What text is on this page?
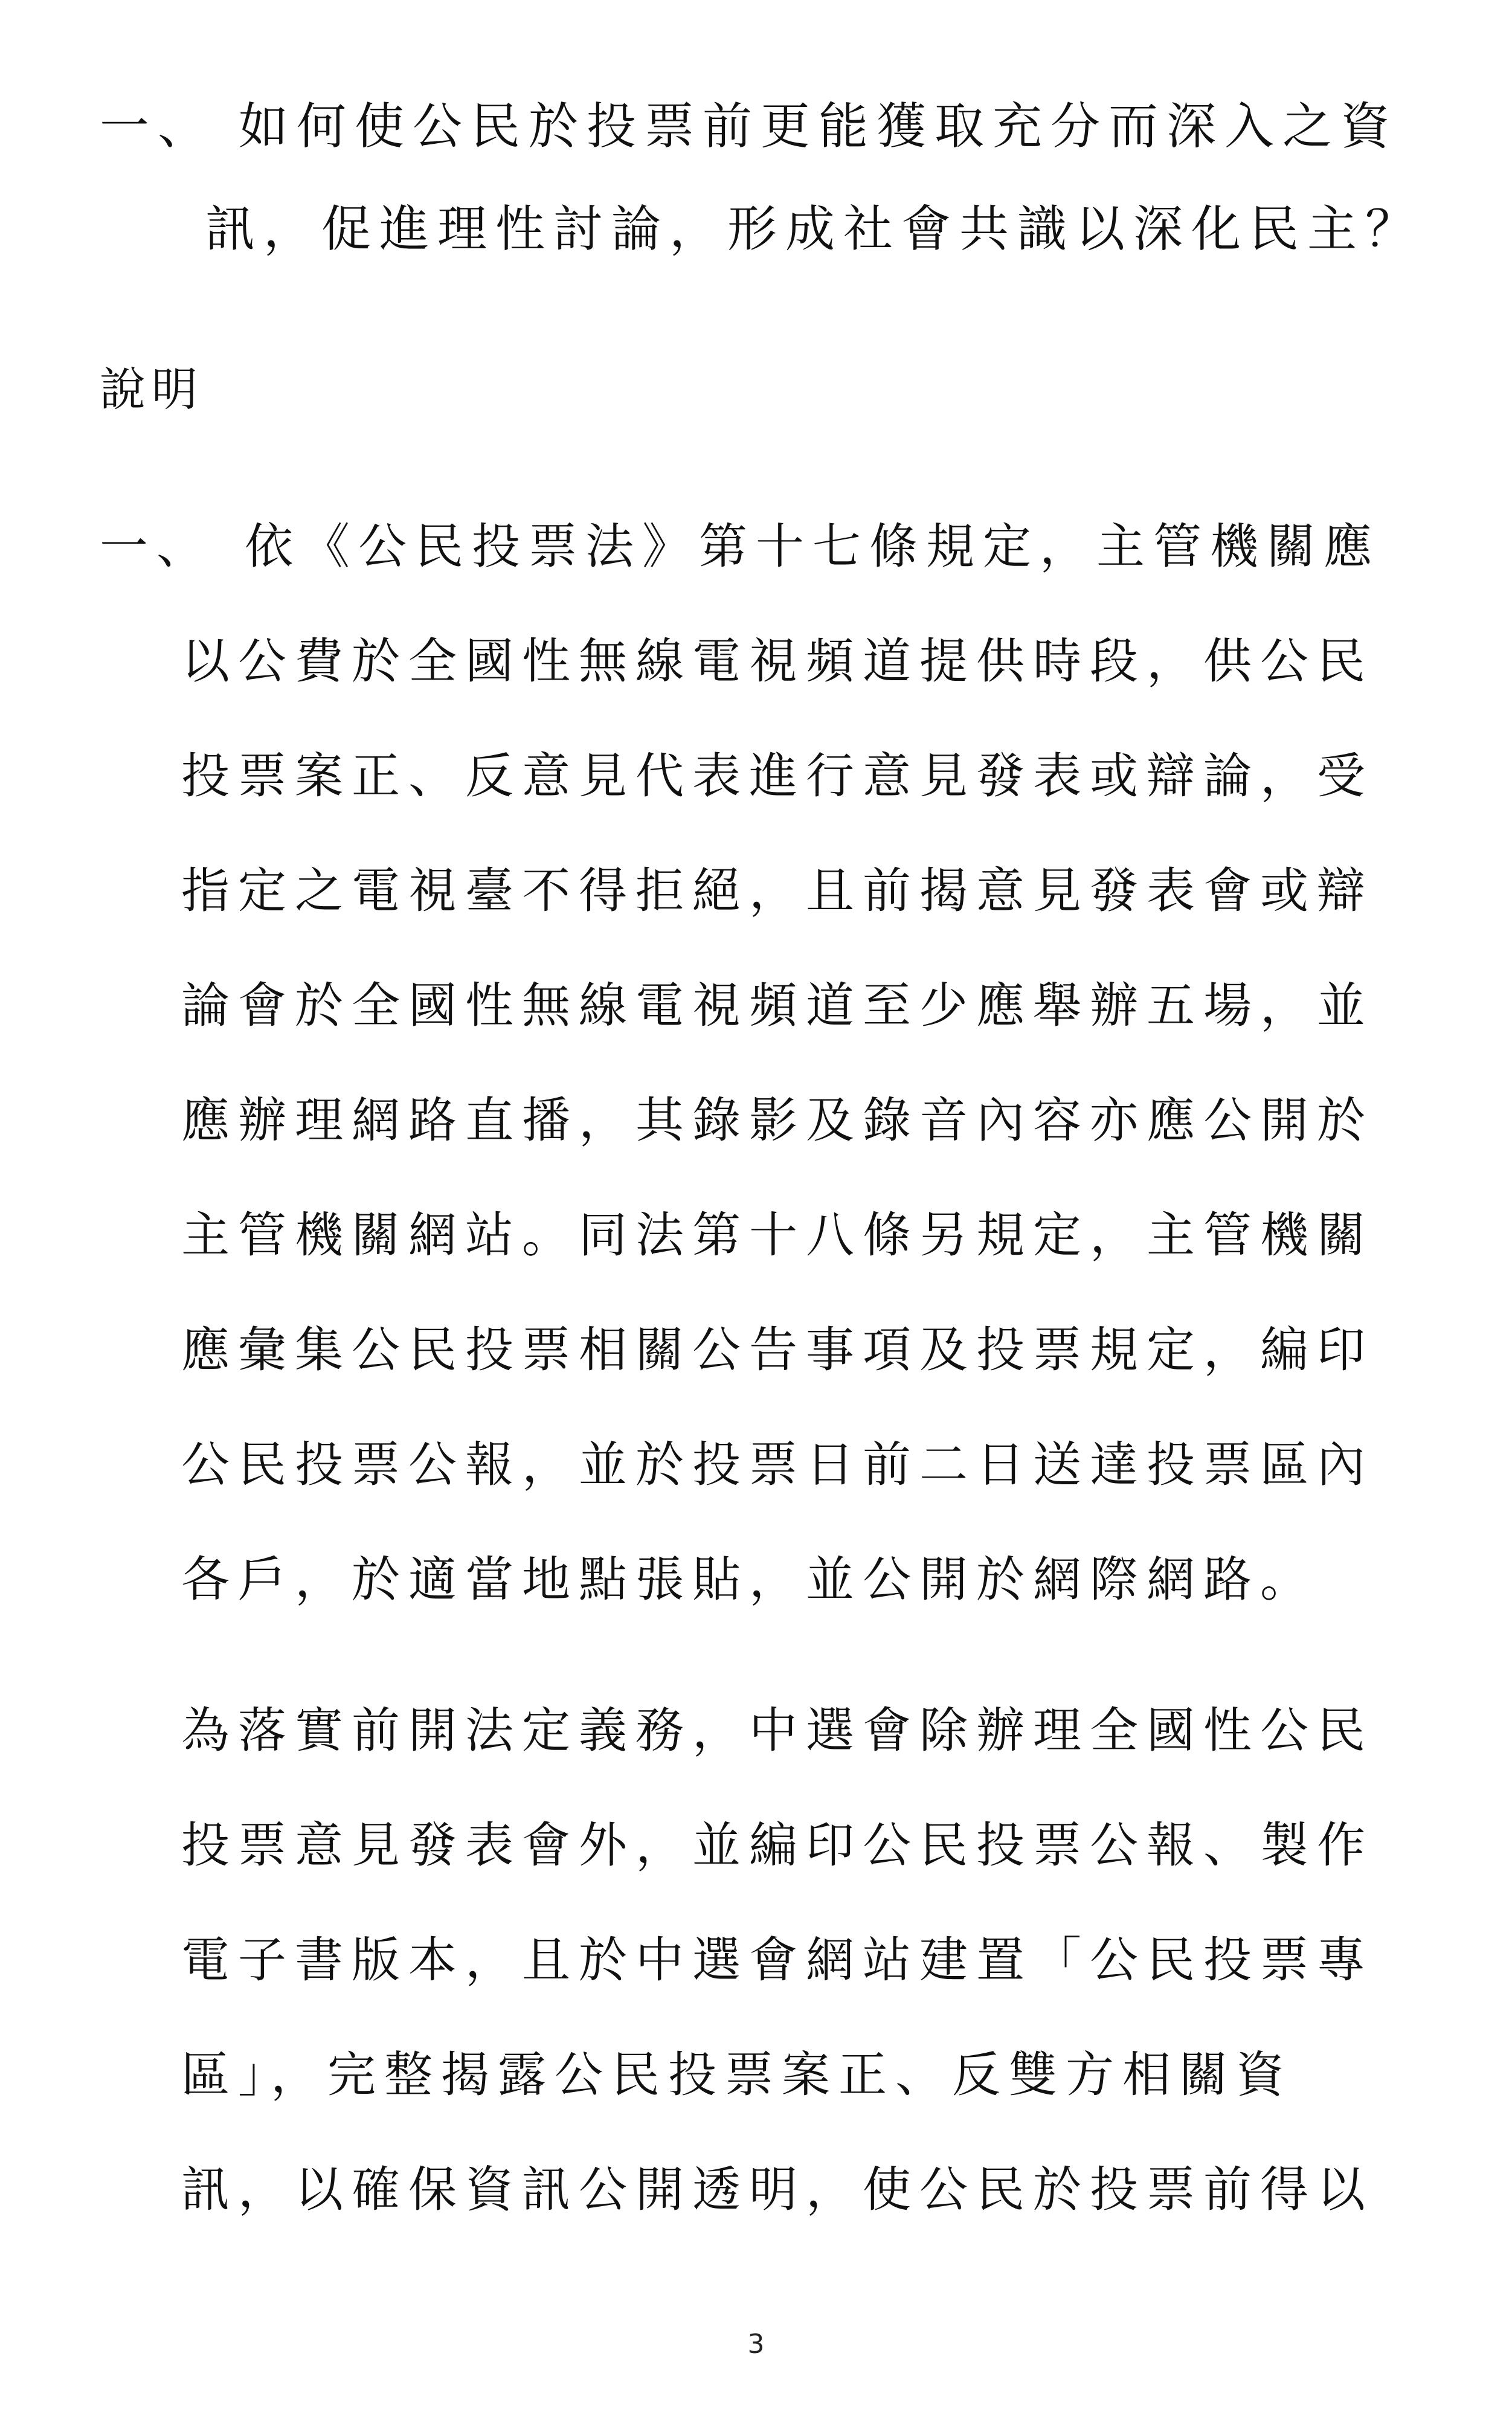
一、 如何使公民於投票前更能獲取充分而深入之資
訊，促進理性討論，形成社會共識以深化民主？
說明
一、 依《公民投票法》第十七條規定，主管機關應
以公費於全國性無線電視頻道提供時段，供公民
投票案正、反意見代表進行意見發表或辯論，受
指定之電視臺不得拒絕，且前揭意見發表會或辯
論會於全國性無線電視頻道至少應舉辦五場，並
應辦理網路直播，其錄影及錄音內容亦應公開於
主管機關網站。同法第十八條另規定，主管機關
應彙集公民投票相關公告事項及投票規定，編印
公民投票公報，並於投票日前二日送達投票區內
各戶，於適當地點張貼，並公開於網際網路。
為落實前開法定義務，中選會除辦理全國性公民
投票意見發表會外，並編印公民投票公報、製作
電子書版本，且於中選會網站建置「公民投票專
區」，完整揭露公民投票案正、反雙方相關資
訊，以確保資訊公開透明，使公民於投票前得以
3
